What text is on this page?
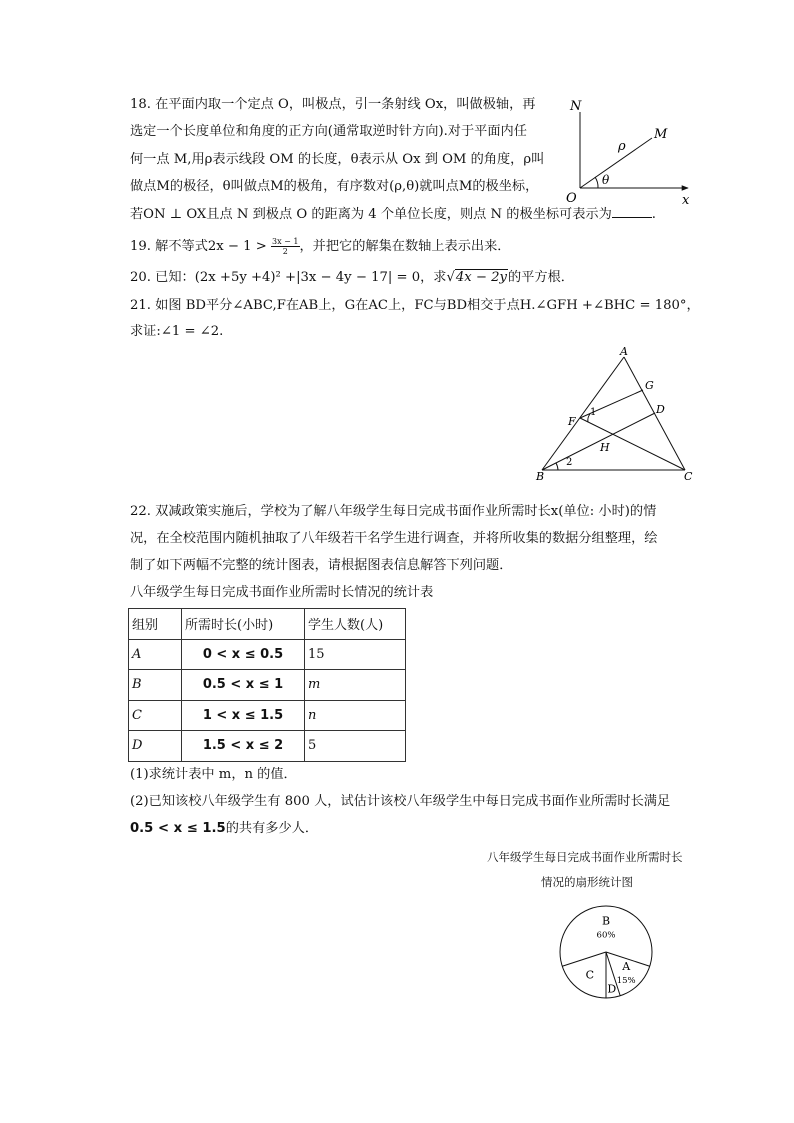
18. 在平面内取一个定点 O，叫极点，引一条射线 Ox，叫做极轴，再
选定一个长度单位和角度的正方向(通常取逆时针方向).对于平面内任
何一点 M,用ρ表示线段 OM 的长度，θ表示从 Ox 到 OM 的角度，ρ叫
做点M的极径，θ叫做点M的极角，有序数对(ρ,θ)就叫点M的极坐标，
若ON ⊥ OX且点 N 到极点 O 的距离为 4 个单位长度，则点 N 的极坐标可表示为	.
N
M
ρ
θ
O	x
19. 解不等式$2x - 1 > \frac{3x - 1}{2}$ ，并把它的解集在数轴上表示出来．
20. 已知：(2x +5y +4)² +|3x − 4y − 17| = 0，求√4x − 2y的平方根．
21. 如图 BD平分∠ABC,F在AB上，G在AC上，FC与BD相交于点H.∠GFH +∠BHC = 180°，
求证:∠1 = ∠2.
A
G
D
F
1
H
B
2
C
22. 双减政策实施后，学校为了解八年级学生每日完成书面作业所需时长x(单位: 小时)的情
况，在全校范围内随机抽取了八年级若干名学生进行调查，并将所收集的数据分组整理，绘
制了如下两幅不完整的统计图表，请根据图表信息解答下列问题．
八年级学生每日完成书面作业所需时长情况的统计表
组别	所需时长(小时)	学生人数(人)
A	0 < x ≤ 0.5	15
B	0.5 < x ≤ 1	m
C	1 < x ≤ 1.5	n
D	1.5 < x ≤ 2	5
(1)求统计表中 m，n 的值．
(2)已知该校八年级学生有 800 人，试估计该校八年级学生中每日完成书面作业所需时长满足
0.5 < x ≤ 1.5的共有多少人．
八年级学生每日完成书面作业所需时长
情况的扇形统计图
B
60%
A
15%
D
C
